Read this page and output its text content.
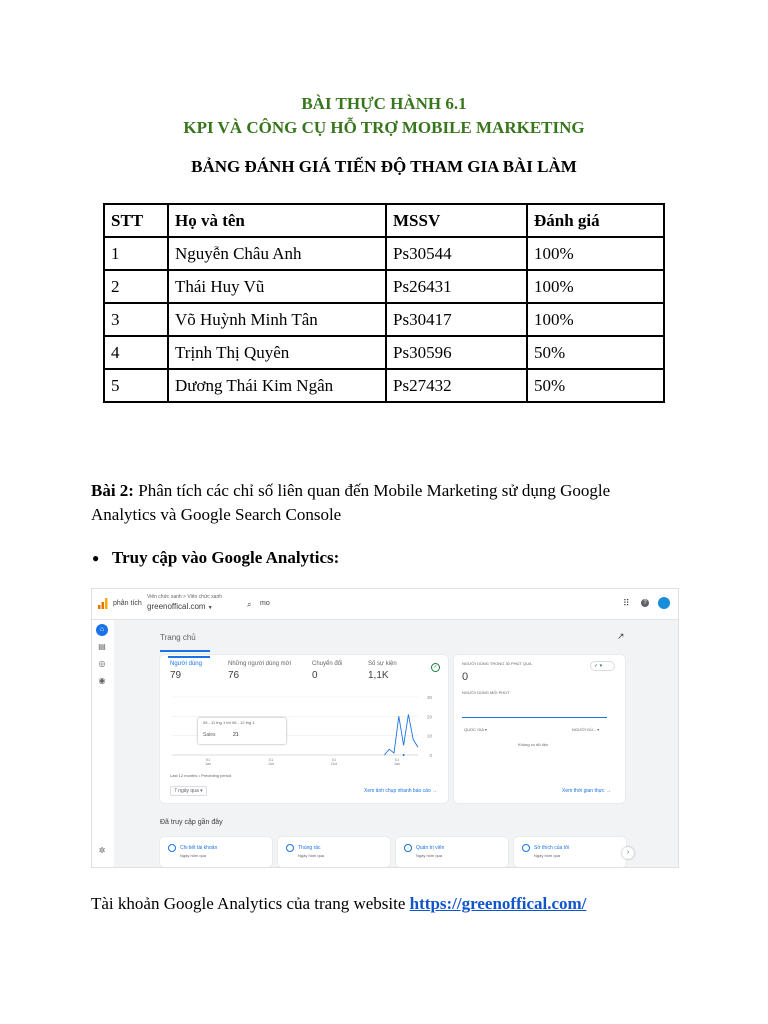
BÀI THỰC HÀNH 6.1
KPI VÀ CÔNG CỤ HỖ TRỢ MOBILE MARKETING
BẢNG ĐÁNH GIÁ TIẾN ĐỘ THAM GIA BÀI LÀM
STT	Họ và tên	MSSV	Đánh giá
1	Nguyễn Châu Anh	Ps30544	100%
2	Thái Huy Vũ	Ps26431	100%
3	Võ Huỳnh Minh Tân	Ps30417	100%
4	Trịnh Thị Quyên	Ps30596	50%
5	Dương Thái Kim Ngân	Ps27432	50%
Bài 2: Phân tích các chỉ số liên quan đến Mobile Marketing sử dụng Google Analytics và Google Search Console
● Truy cập vào Google Analytics:
phân tích
Viên chức xanh > Viên chức xanh
greenoffical.com ▼	⌕ mo	⠿	?
⌂
▤
◎
◉
✲
Trang chủ	↗
Người dùng
79
Những người dùng mới
76
Chuyển đổi
0
Số sự kiện
1,1K
✓
30
20
10
0
01 Jan
01 Jun
01 Oct
01 Jan
05 - 11 thg 1 tới 06 - 12 thg 1
Sales	21
Last 12 months • Preceding period
7 ngày qua ▾	Xem ảnh chụp nhanh báo cáo →
NGƯỜI DÙNG TRONG 30 PHÚT QUA
0
✓ ▾
NGƯỜI DÙNG MỖI PHÚT
QUỐC GIA ▾	NGƯỜI DÙ... ▾
Không có dữ liệu
Xem thời gian thực →
Đã truy cập gần đây
Chi tiết tài khoản
Ngày hôm qua
Thùng rác
Ngày hôm qua
Quản trị viên
Ngày hôm qua
Sở thích của tôi
Ngày hôm qua	›
Tài khoản Google Analytics của trang website https://greenoffical.com/
